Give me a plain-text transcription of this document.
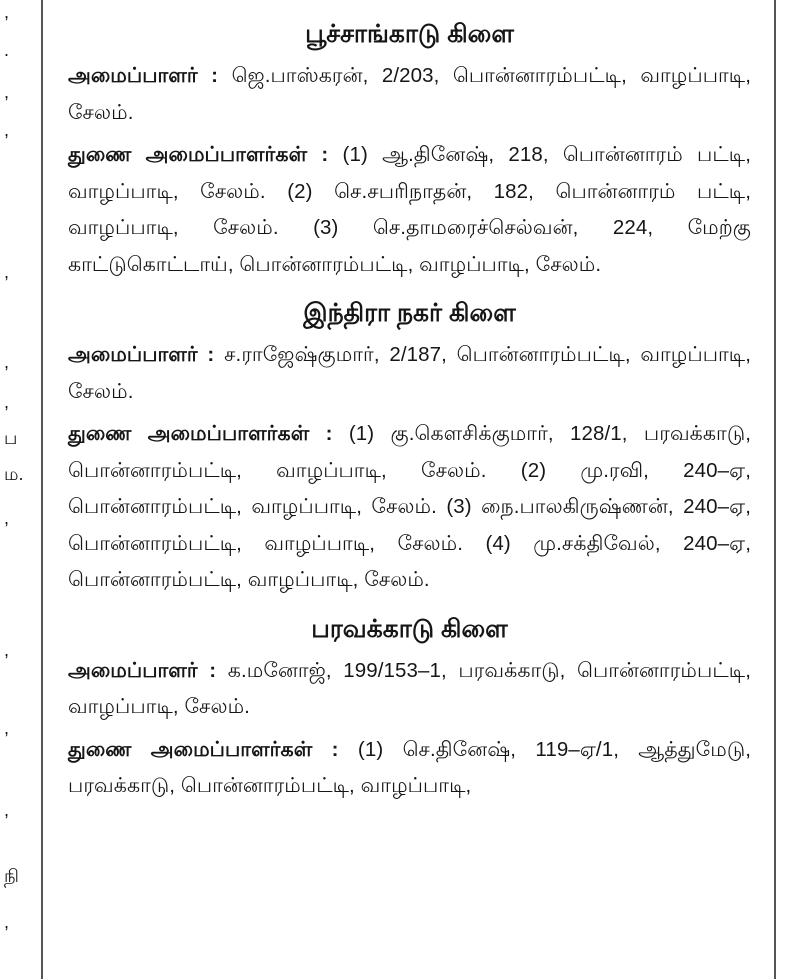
,
.
,
,
,
,
,
ப
ம.
,
,
,
,
நி
,
பூச்சாங்காடு கிளை

அமைப்பாளர் : ஜெ.பாஸ்கரன், 2/203, பொன்னாரம்பட்டி, வாழப்பாடி, சேலம்.

துணை அமைப்பாளர்கள் : (1) ஆ.தினேஷ், 218, பொன்னாரம் பட்டி, வாழப்பாடி, சேலம். (2) செ.சபரிநாதன், 182, பொன்னாரம் பட்டி, வாழப்பாடி, சேலம். (3) செ.தாமரைச்செல்வன், 224, மேற்கு காட்டுகொட்டாய், பொன்னாரம்பட்டி, வாழப்பாடி, சேலம்.

இந்திரா நகர் கிளை

அமைப்பாளர் : ச.ராஜேஷ்குமார், 2/187, பொன்னாரம்பட்டி, வாழப்பாடி, சேலம்.

துணை அமைப்பாளர்கள் : (1) கு.கௌசிக்குமார், 128/1, பரவக்காடு, பொன்னாரம்பட்டி, வாழப்பாடி, சேலம். (2) மு.ரவி, 240–ஏ, பொன்னாரம்பட்டி, வாழப்பாடி, சேலம். (3) நை.பாலகிருஷ்ணன், 240–ஏ, பொன்னாரம்பட்டி, வாழப்பாடி, சேலம். (4) மு.சக்திவேல், 240–ஏ, பொன்னாரம்பட்டி, வாழப்பாடி, சேலம்.

பரவக்காடு கிளை

அமைப்பாளர் : க.மனோஜ், 199/153–1, பரவக்காடு, பொன்னாரம்பட்டி, வாழப்பாடி, சேலம்.

துணை அமைப்பாளர்கள் : (1) செ.தினேஷ், 119–ஏ/1, ஆத்துமேடு, பரவக்காடு, பொன்னாரம்பட்டி, வாழப்பாடி,
